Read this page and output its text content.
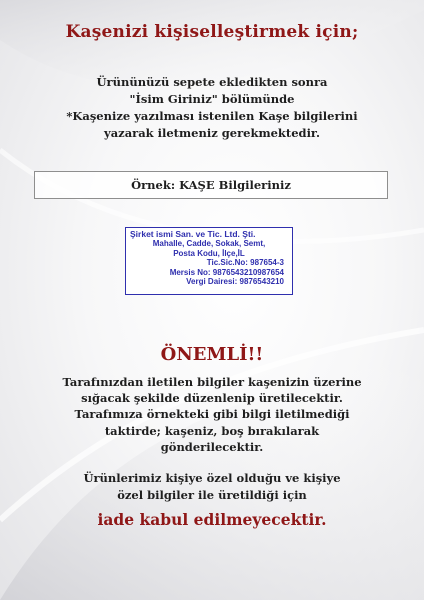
Kaşenizi kişiselleştirmek için;
Ürününüzü sepete ekledikten sonra
"İsim Giriniz" bölümünde
*Kaşenize yazılması istenilen Kaşe bilgilerini
yazarak iletmeniz gerekmektedir.
Örnek: KAŞE Bilgileriniz
Şirket ismi San. ve Tic. Ltd. Şti.
Mahalle, Cadde, Sokak, Semt,
Posta Kodu, İlçe,İL
Tic.Sic.No: 987654-3
Mersis No: 9876543210987654
Vergi Dairesi: 9876543210
ÖNEMLİ!!
Tarafınızdan iletilen bilgiler kaşenizin üzerine
sığacak şekilde düzenlenip üretilecektir.
Tarafımıza örnekteki gibi bilgi iletilmediği
taktirde; kaşeniz, boş bırakılarak
gönderilecektir.
Ürünlerimiz kişiye özel olduğu ve kişiye
özel bilgiler ile üretildiği için
iade kabul edilmeyecektir.
